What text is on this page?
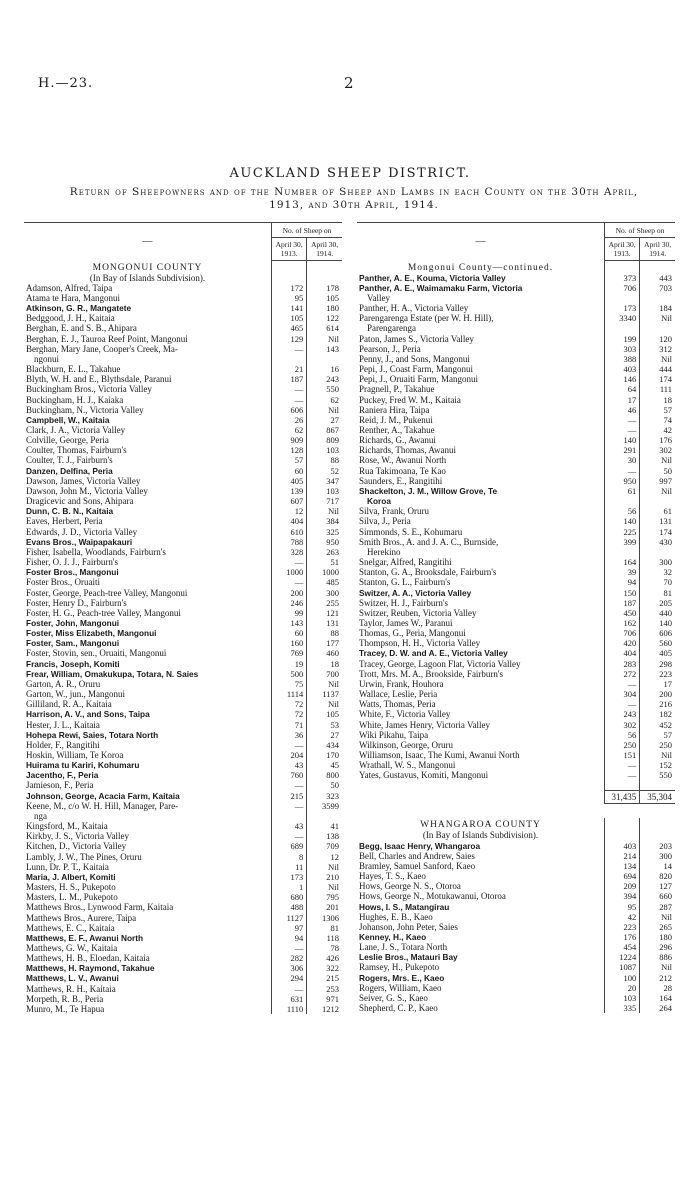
H.—23.	2
AUCKLAND SHEEP DISTRICT.
Return of Sheepowners and of the Number of Sheep and Lambs in each County on the 30th April, 1913, and 30th April, 1914.
—	No. of Sheep on	
	April 30, 1913.	April 30, 1914.
MONGONUI COUNTY		
(In Bay of Islands Subdivision).		
Adamson, Alfred, Taipa	172	178
Atama te Hara, Mangonui	95	105
Atkinson, G. R., Mangatete	141	180
Bedggood, J. H., Kaitaia	105	122
Berghan, E. and S. B., Ahipara	465	614
Berghan, E. J., Tauroa Reef Point, Mangonui	129	Nil
Berghan, Mary Jane, Cooper's Creek, Ma-	—	143
ngonui		
Blackburn, E. L., Takahue	21	16
Blyth, W. H. and E., Blythsdale, Paranui	187	243
Buckingham Bros., Victoria Valley	—	550
Buckingham, H. J., Kaiaka	—	62
Buckingham, N., Victoria Valley	606	Nil
Campbell, W., Kaitaia	26	27
Clark, J. A., Victoria Valley	62	867
Colville, George, Peria	909	809
Coulter, Thomas, Fairburn's	128	103
Coulter, T. J., Fairburn's	57	88
Danzen, Delfina, Peria	60	52
Dawson, James, Victoria Valley	405	347
Dawson, John M., Victoria Valley	139	103
Dragicevic and Sons, Ahipara	607	717
Dunn, C. B. N., Kaitaia	12	Nil
Eaves, Herbert, Peria	404	384
Edwards, J. D., Victoria Valley	610	325
Evans Bros., Waipapakauri	788	950
Fisher, Isabella, Woodlands, Fairburn's	328	263
Fisher, O. J. J., Fairburn's	—	51
Foster Bros., Mangonui	1000	1000
Foster Bros., Oruaiti	—	485
Foster, George, Peach-tree Valley, Mangonui	200	300
Foster, Henry D., Fairburn's	246	255
Foster, H. G., Peach-tree Valley, Mangonui	99	121
Foster, John, Mangonui	143	131
Foster, Miss Elizabeth, Mangonui	60	88
Foster, Sam., Mangonui	160	177
Foster, Stovin, sen., Oruaiti, Mangonui	769	460
Francis, Joseph, Komiti	19	18
Frear, William, Omakukupa, Totara, N. Saies	500	700
Garton, A. R., Oruru	75	Nil
Garton, W., jun., Mangonui	1114	1137
Gilliland, R. A., Kaitaia	72	Nil
Harrison, A. V., and Sons, Taipa	72	105
Hester, J. L., Kaitaia	71	53
Hohepa Rewi, Saies, Totara North	36	27
Holder, F., Rangitihi	—	434
Hoskin, William, Te Koroa	204	170
Huirama tu Kariri, Kohumaru	43	45
Jacentho, F., Peria	760	800
Jamieson, F., Peria	—	50
Johnson, George, Acacia Farm, Kaitaia	215	323
Keene, M., c/o W. H. Hill, Manager, Pare-	—	3599
nga		
Kingsford, M., Kaitaia	43	41
Kirkby, J. S., Victoria Valley	—	138
Kitchen, D., Victoria Valley	689	709
Lambly, J. W., The Pines, Oruru	8	12
Lunn, Dr. P. T., Kaitaia	11	Nil
Maria, J. Albert, Komiti	173	210
Masters, H. S., Pukepoto	1	Nil
Masters, L. M., Pukepoto	680	795
Matthews Bros., Lynwood Farm, Kaitaia	488	201
Matthews Bros., Aurere, Taipa	1127	1306
Matthews, E. C., Kaitaia	97	81
Matthews, E. F., Awanui North	94	118
Matthews, G. W., Kaitaia	—	78
Matthews, H. B., Eloedan, Kaitaia	282	426
Matthews, H. Raymond, Takahue	306	322
Matthews, L. V., Awanui	294	215
Matthews, R. H., Kaitaia	—	253
Morpeth, R. B., Peria	631	971
Munro, M., Te Hapua	1110	1212
—	No. of Sheep on	
	April 30, 1913.	April 30, 1914.
Mongonui County—continued.		
Panther, A. E., Kouma, Victoria Valley	373	443
Panther, A. E., Waimamaku Farm, Victoria	706	703
Valley		
Panther, H. A., Victoria Valley	173	184
Parengarenga Estate (per W. H. Hill),	3340	Nil
Parengarenga		
Paton, James S., Victoria Valley	199	120
Pearson, J., Peria	303	312
Penny, J., and Sons, Mangonui	388	Nil
Pepi, J., Coast Farm, Mangonui	403	444
Pepi, J., Oruaiti Farm, Mangonui	146	174
Pragnell, P., Takahue	64	111
Puckey, Fred W. M., Kaitaia	17	18
Raniera Hira, Taipa	46	57
Reid, J. M., Pukenui	—	74
Renther, A., Takahue	—	42
Richards, G., Awanui	140	176
Richards, Thomas, Awanui	291	302
Rose, W., Awanui North	30	Nil
Rua Takimoana, Te Kao	—	50
Saunders, E., Rangitihi	950	997
Shackelton, J. M., Willow Grove, Te	61	Nil
Koroa		
Silva, Frank, Oruru	56	61
Silva, J., Peria	140	131
Simmonds, S. E., Kohumaru	225	174
Smith Bros., A. and J. A. C., Burnside,	399	430
Herekino		
Snelgar, Alfred, Rangitihi	164	300
Stanton, G. A., Brooksdale, Fairburn's	39	32
Stanton, G. L., Fairburn's	94	70
Switzer, A. A., Victoria Valley	150	81
Switzer, H. J., Fairburn's	187	205
Switzer, Reuben, Victoria Valley	450	440
Taylor, James W., Paranui	162	140
Thomas, G., Peria, Mangonui	706	606
Thompson, H. H., Victoria Valley	420	560
Tracey, D. W. and A. E., Victoria Valley	404	405
Tracey, George, Lagoon Flat, Victoria Valley	283	298
Trott, Mrs. M. A., Brookside, Fairburn's	272	223
Urwin, Frank, Houhora	—	17
Wallace, Leslie, Peria	304	200
Watts, Thomas, Peria	—	216
White, F., Victoria Valley	243	182
White, James Henry, Victoria Valley	302	452
Wiki Pikahu, Taipa	56	57
Wilkinson, George, Oruru	250	250
Williamson, Isaac, The Kumi, Awanui North	151	Nil
Wrathall, W. S., Mangonui	—	152
Yates, Gustavus, Komiti, Mangonui	—	550

	31,435	35,304

WHANGAROA COUNTY		
(In Bay of Islands Subdivision).		
Begg, Isaac Henry, Whangaroa	403	203
Bell, Charles and Andrew, Saies	214	300
Bramley, Samuel Sanford, Kaeo	134	14
Hayes, T. S., Kaeo	694	820
Hows, George N. S., Otoroa	209	127
Hows, George N., Motukawanui, Otoroa	394	660
Hows, I. S., Matangirau	95	287
Hughes, E. B., Kaeo	42	Nil
Johanson, John Peter, Saies	223	265
Kenney, H., Kaeo	176	180
Lane, J. S., Totara North	454	296
Leslie Bros., Matauri Bay	1224	886
Ramsey, H., Pukepoto	1087	Nil
Rogers, Mrs. E., Kaeo	100	212
Rogers, William, Kaeo	20	28
Seiver, G. S., Kaeo	103	164
Shepherd, C. P., Kaeo	335	264
